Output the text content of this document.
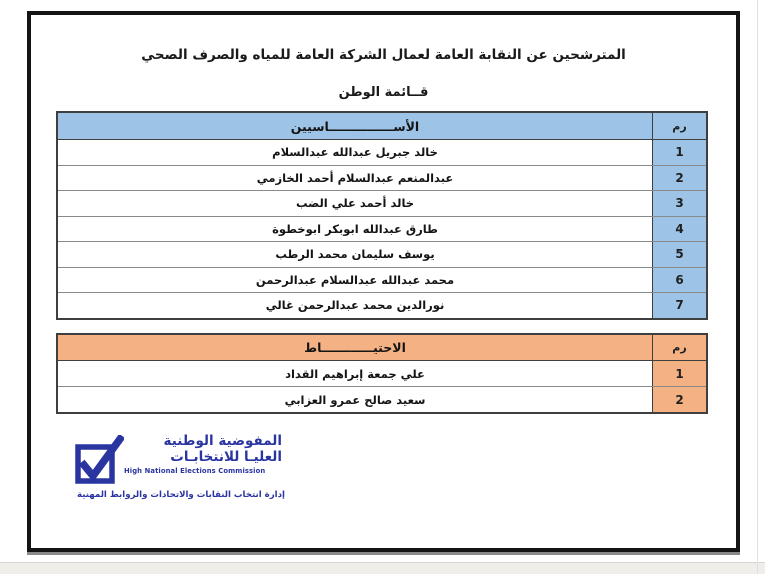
المترشحين عن النقابة العامة لعمال الشركة العامة للمياه والصرف الصحي
قــائمة الوطن
رم
الأســـــــــــــــاسيين
1
خالد جبريل عبدالله عبدالسلام
2
عبدالمنعم عبدالسلام أحمد الخازمي
3
خالد أحمد علي الضب
4
طارق عبدالله ابوبكر ابوخطوة
5
يوسف سليمان محمد الرطب
6
محمد عبدالله عبدالسلام عبدالرحمن
7
نورالدين محمد عبدالرحمن غالي
رم
الاحتيــــــــــــاط
1
علي جمعة إبراهيم القداد
2
سعيد صالح عمرو العزابي
المفوضية الوطنية
العليـا للانتخابـات
High National Elections Commission
إدارة انتخاب النقابات والاتحادات والروابط المهنية
